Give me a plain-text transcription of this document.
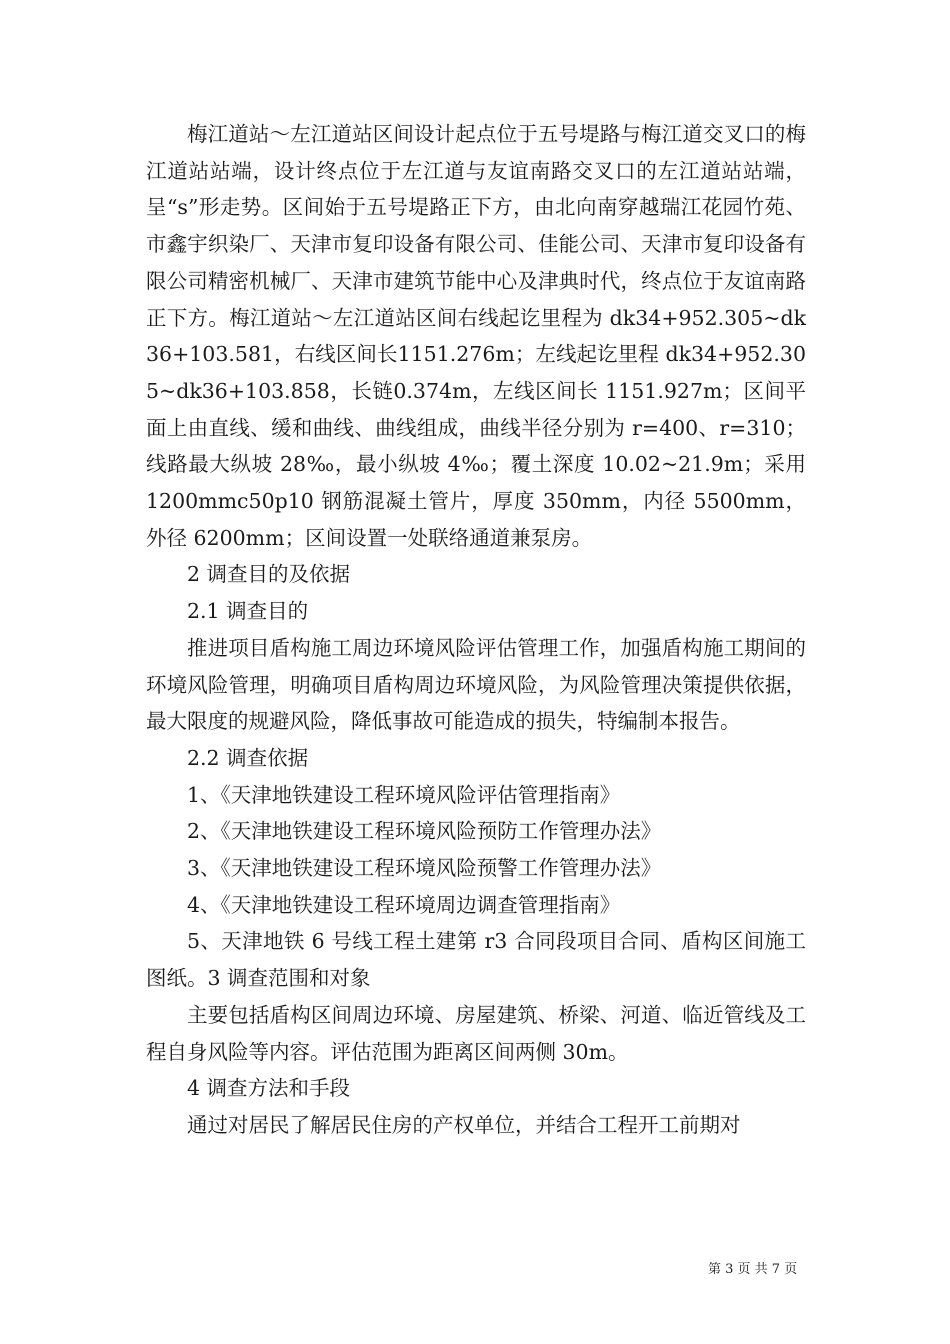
梅江道站～左江道站区间设计起点位于五号堤路与梅江道交叉口的梅江道站站端，设计终点位于左江道与友谊南路交叉口的左江道站站端，呈“s”形走势。区间始于五号堤路正下方，由北向南穿越瑞江花园竹苑、市鑫宇织染厂、天津市复印设备有限公司、佳能公司、天津市复印设备有限公司精密机械厂、天津市建筑节能中心及津典时代，终点位于友谊南路正下方。梅江道站～左江道站区间右线起讫里程为 dk34+952.305~dk36+103.581，右线区间长1151.276m；左线起讫里程 dk34+952.305~dk36+103.858，长链0.374m，左线区间长 1151.927m；区间平面上由直线、缓和曲线、曲线组成，曲线半径分别为 r=400、r=310；线路最大纵坡 28‰，最小纵坡 4‰；覆土深度 10.02~21.9m；采用 1200mmc50p10 钢筋混凝土管片，厚度 350mm，内径 5500mm，外径 6200mm；区间设置一处联络通道兼泵房。

2 调查目的及依据

2.1 调查目的

推进项目盾构施工周边环境风险评估管理工作，加强盾构施工期间的环境风险管理，明确项目盾构周边环境风险，为风险管理决策提供依据，最大限度的规避风险，降低事故可能造成的损失，特编制本报告。

2.2 调查依据

1、《天津地铁建设工程环境风险评估管理指南》

2、《天津地铁建设工程环境风险预防工作管理办法》

3、《天津地铁建设工程环境风险预警工作管理办法》

4、《天津地铁建设工程环境周边调查管理指南》

5、天津地铁 6 号线工程土建第 r3 合同段项目合同、盾构区间施工图纸。3 调查范围和对象

主要包括盾构区间周边环境、房屋建筑、桥梁、河道、临近管线及工程自身风险等内容。评估范围为距离区间两侧 30m。

4 调查方法和手段

通过对居民了解居民住房的产权单位，并结合工程开工前期对

第 3 页 共 7 页
